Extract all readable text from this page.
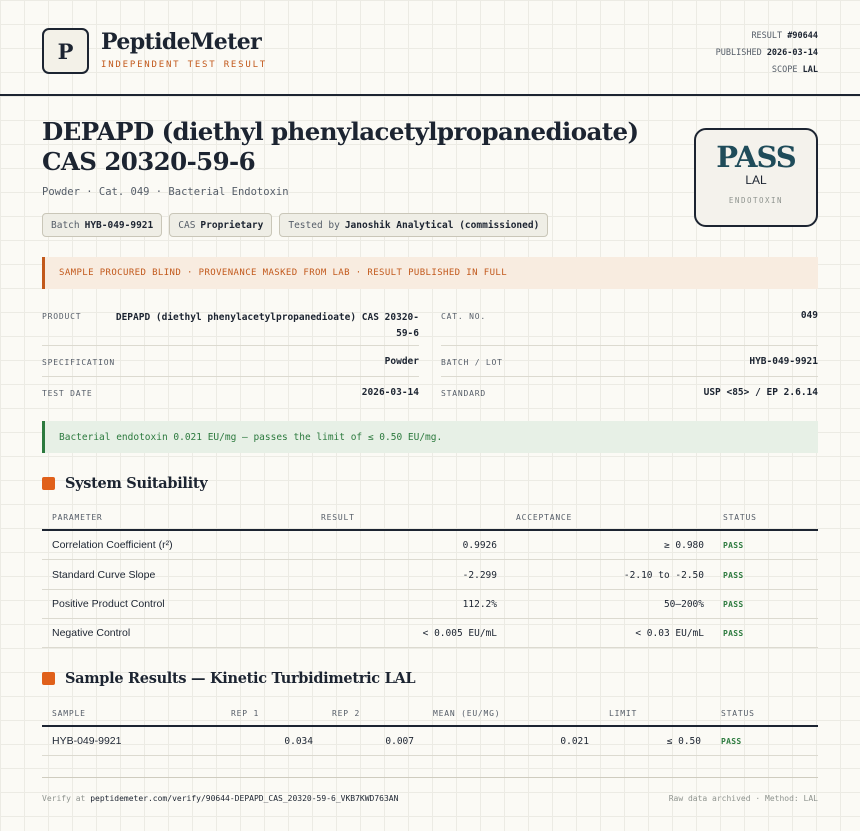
P PeptideMeter
INDEPENDENT TEST RESULT
RESULT #90644
PUBLISHED 2026-03-14
SCOPE LAL
DEPAPD (diethyl phenylacetylpropanedioate)
CAS 20320-59-6
Powder · Cat. 049 · Bacterial Endotoxin
Batch HYB-049-9921	CAS Proprietary	Tested by Janoshik Analytical (commissioned)
PASS
LAL
ENDOTOXIN
SAMPLE PROCURED BLIND · PROVENANCE MASKED FROM LAB · RESULT PUBLISHED IN FULL
PRODUCT	DEPAPD (diethyl phenylacetylpropanedioate) CAS 20320-
59-6
CAT. NO.	049
SPECIFICATION	Powder	BATCH / LOT	HYB-049-9921
TEST DATE	2026-03-14	STANDARD	USP <85> / EP 2.6.14
Bacterial endotoxin 0.021 EU/mg — passes the limit of ≤ 0.50 EU/mg.
System Suitability
PARAMETER	RESULT	ACCEPTANCE	STATUS
Correlation Coefficient (r²)	0.9926	≥ 0.980 PASS
Standard Curve Slope	-2.299	-2.10 to -2.50 PASS
Positive Product Control	112.2%	50–200% PASS
Negative Control	< 0.005 EU/mL	< 0.03 EU/mL PASS
Sample Results — Kinetic Turbidimetric LAL
SAMPLE	REP 1	REP 2	MEAN (EU/MG)	LIMIT	STATUS
HYB-049-9921	0.034	0.007	0.021	≤ 0.50	PASS
Verify at peptidemeter.com/verify/90644-DEPAPD_CAS_20320-59-6_VKB7KWD763AN	Raw data archived · Method: LAL
